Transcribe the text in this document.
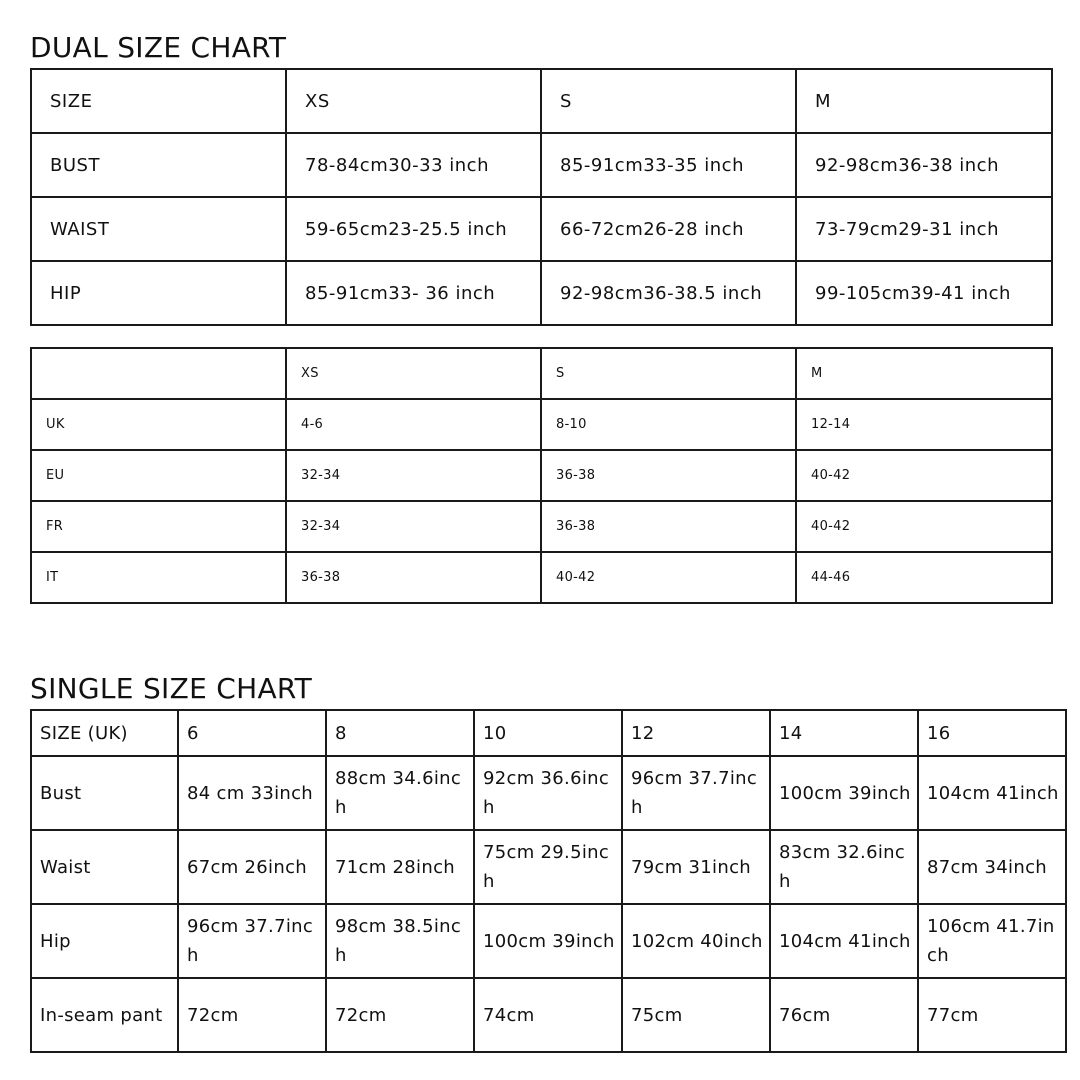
DUAL SIZE CHART
SIZE	XS	S	M
BUST	78-84cm30-33 inch	85-91cm33-35 inch	92-98cm36-38 inch
WAIST	59-65cm23-25.5 inch	66-72cm26-28 inch	73-79cm29-31 inch
HIP	85-91cm33- 36 inch	92-98cm36-38.5 inch	99-105cm39-41 inch
	XS	S	M
UK	4-6	8-10	12-14
EU	32-34	36-38	40-42
FR	32-34	36-38	40-42
IT	36-38	40-42	44-46
SINGLE SIZE CHART
SIZE (UK)	6	8	10	12	14	16
Bust	84 cm 33inch	88cm 34.6inch	92cm 36.6inch	96cm 37.7inch	100cm 39inch	104cm 41inch
Waist	67cm 26inch	71cm 28inch	75cm 29.5inch	79cm 31inch	83cm 32.6inch	87cm 34inch
Hip	96cm 37.7inch	98cm 38.5inch	100cm 39inch	102cm 40inch	104cm 41inch	106cm 41.7inch
In-seam pant	72cm	72cm	74cm	75cm	76cm	77cm
